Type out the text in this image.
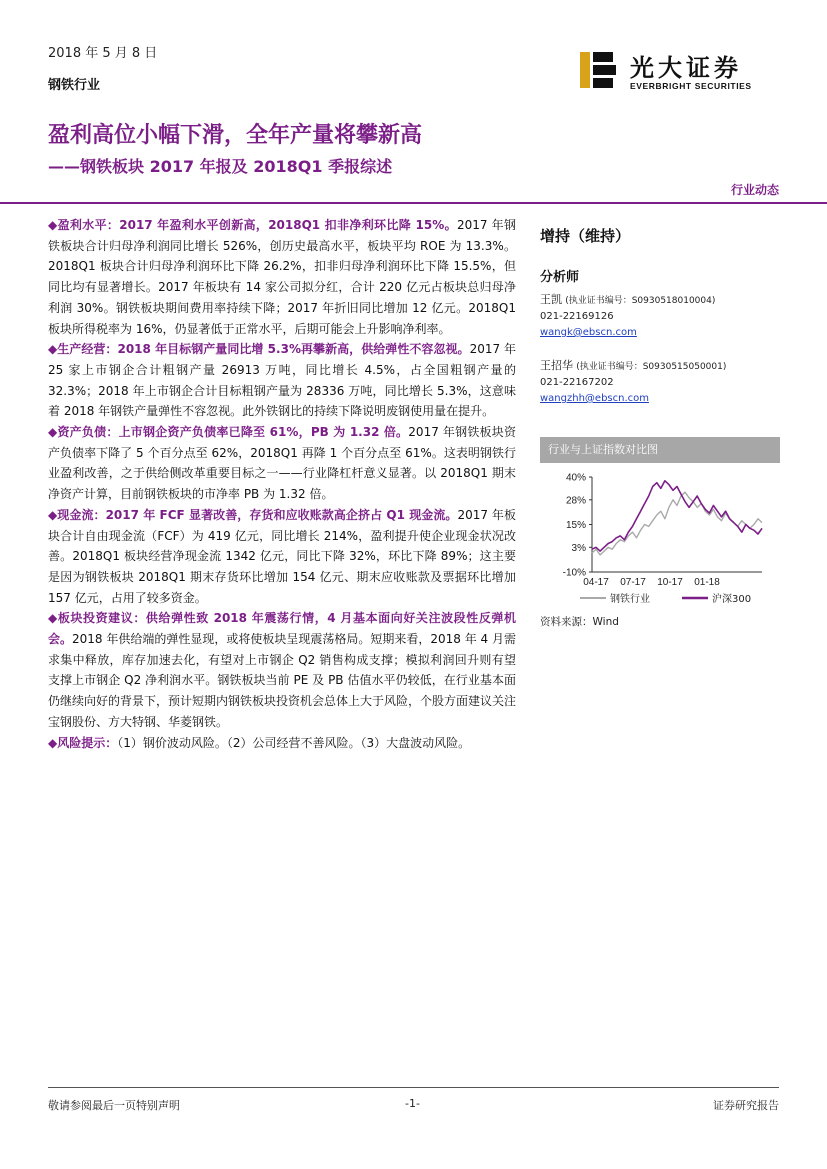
2018 年 5 月 8 日
钢铁行业
光大证券
EVERBRIGHT SECURITIES
盈利高位小幅下滑，全年产量将攀新高
——钢铁板块 2017 年报及 2018Q1 季报综述
行业动态

◆盈利水平：2017 年盈利水平创新高，2018Q1 扣非净利环比降 15%。2017 年钢铁板块合计归母净利润同比增长 526%，创历史最高水平，板块平均 ROE 为 13.3%。2018Q1 板块合计归母净利润环比下降 26.2%，扣非归母净利润环比下降 15.5%，但同比均有显著增长。2017 年板块有 14 家公司拟分红，合计 220 亿元占板块总归母净利润 30%。钢铁板块期间费用率持续下降；2017 年折旧同比增加 12 亿元。2018Q1 板块所得税率为 16%，仍显著低于正常水平，后期可能会上升影响净利率。

◆生产经营：2018 年目标钢产量同比增 5.3%再攀新高，供给弹性不容忽视。2017 年 25 家上市钢企合计粗钢产量 26913 万吨，同比增长 4.5%，占全国粗钢产量的 32.3%；2018 年上市钢企合计目标粗钢产量为 28336 万吨，同比增长 5.3%，这意味着 2018 年钢铁产量弹性不容忽视。此外铁钢比的持续下降说明废钢使用量在提升。

◆资产负债：上市钢企资产负债率已降至 61%，PB 为 1.32 倍。2017 年钢铁板块资产负债率下降了 5 个百分点至 62%，2018Q1 再降 1 个百分点至 61%。这表明钢铁行业盈利改善，之于供给侧改革重要目标之一——行业降杠杆意义显著。以 2018Q1 期末净资产计算，目前钢铁板块的市净率 PB 为 1.32 倍。

◆现金流：2017 年 FCF 显著改善，存货和应收账款高企挤占 Q1 现金流。2017 年板块合计自由现金流（FCF）为 419 亿元，同比增长 214%，盈利提升使企业现金状况改善。2018Q1 板块经营净现金流 1342 亿元，同比下降 32%，环比下降 89%；这主要是因为钢铁板块 2018Q1 期末存货环比增加 154 亿元、期末应收账款及票据环比增加 157 亿元，占用了较多资金。

◆板块投资建议：供给弹性致 2018 年震荡行情，4 月基本面向好关注波段性反弹机会。2018 年供给端的弹性显现，或将使板块呈现震荡格局。短期来看，2018 年 4 月需求集中释放，库存加速去化，有望对上市钢企 Q2 销售构成支撑；模拟利润回升则有望支撑上市钢企 Q2 净利润水平。钢铁板块当前 PE 及 PB 估值水平仍较低，在行业基本面仍继续向好的背景下，预计短期内钢铁板块投资机会总体上大于风险，个股方面建议关注宝钢股份、方大特钢、华菱钢铁。

◆风险提示：（1）钢价波动风险。（2）公司经营不善风险。（3）大盘波动风险。

增持（维持）
分析师
王凯 (执业证书编号：S0930518010004)
021-22169126
wangk@ebscn.com
王招华 (执业证书编号：S0930515050001)
021-22167202
wangzhh@ebscn.com
行业与上证指数对比图
40%
28%
15%
3%
-10%
04-17 07-17 10-17 01-18
钢铁行业	沪深300
资料来源：Wind
敬请参阅最后一页特别声明	-1-	证券研究报告
